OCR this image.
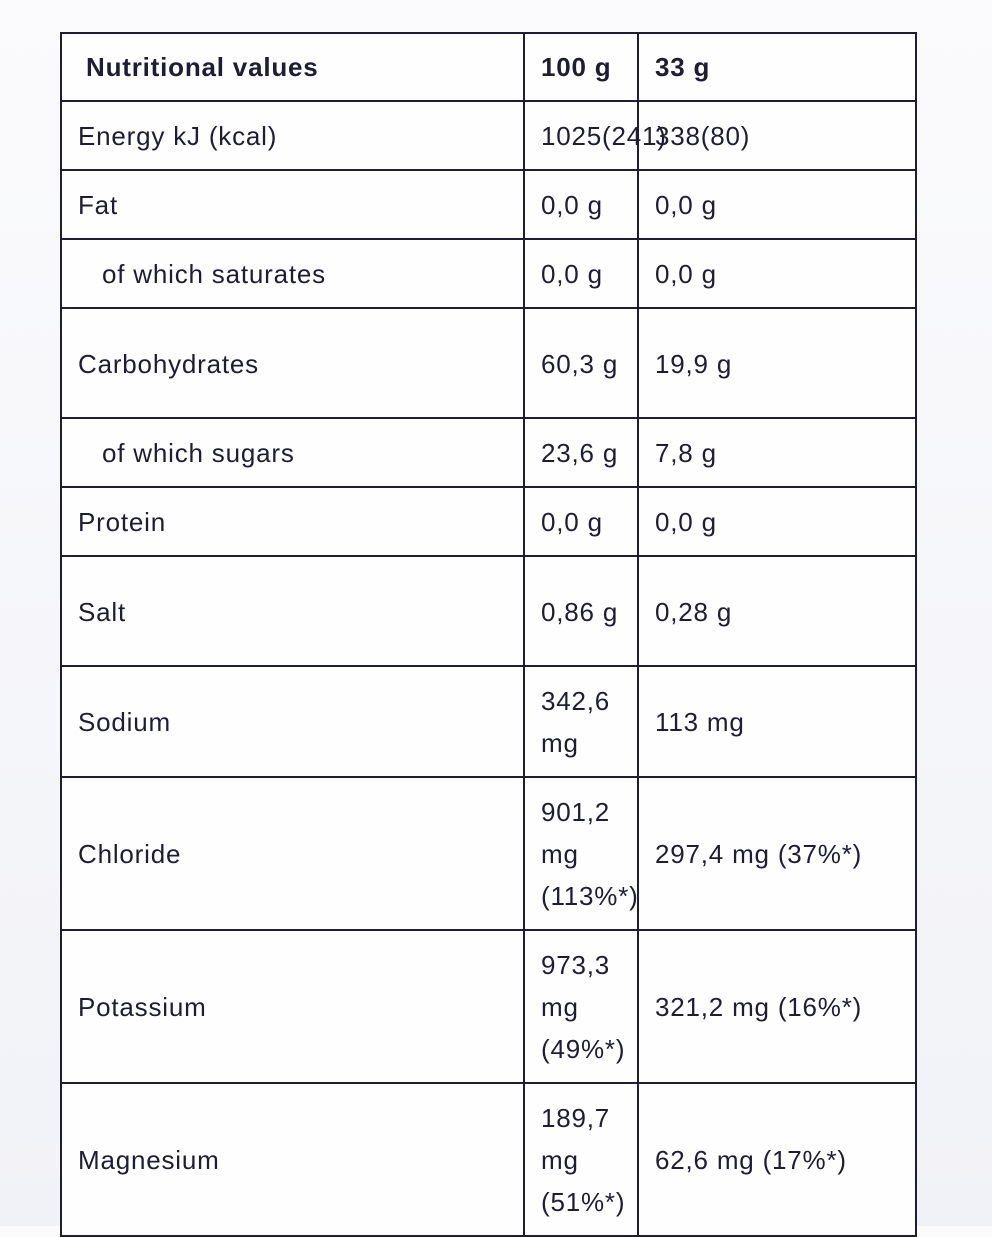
Nutritional values	100 g	33 g
Energy kJ (kcal)	1025(241)	338(80)
Fat	0,0 g	0,0 g
of which saturates	0,0 g	0,0 g
Carbohydrates	60,3 g	19,9 g
of which sugars	23,6 g	7,8 g
Protein	0,0 g	0,0 g
Salt	0,86 g	0,28 g
Sodium	342,6 mg	113 mg
Chloride	901,2 mg (113%*)	297,4 mg (37%*)
Potassium	973,3 mg (49%*)	321,2 mg (16%*)
Magnesium	189,7 mg (51%*)	62,6 mg (17%*)
